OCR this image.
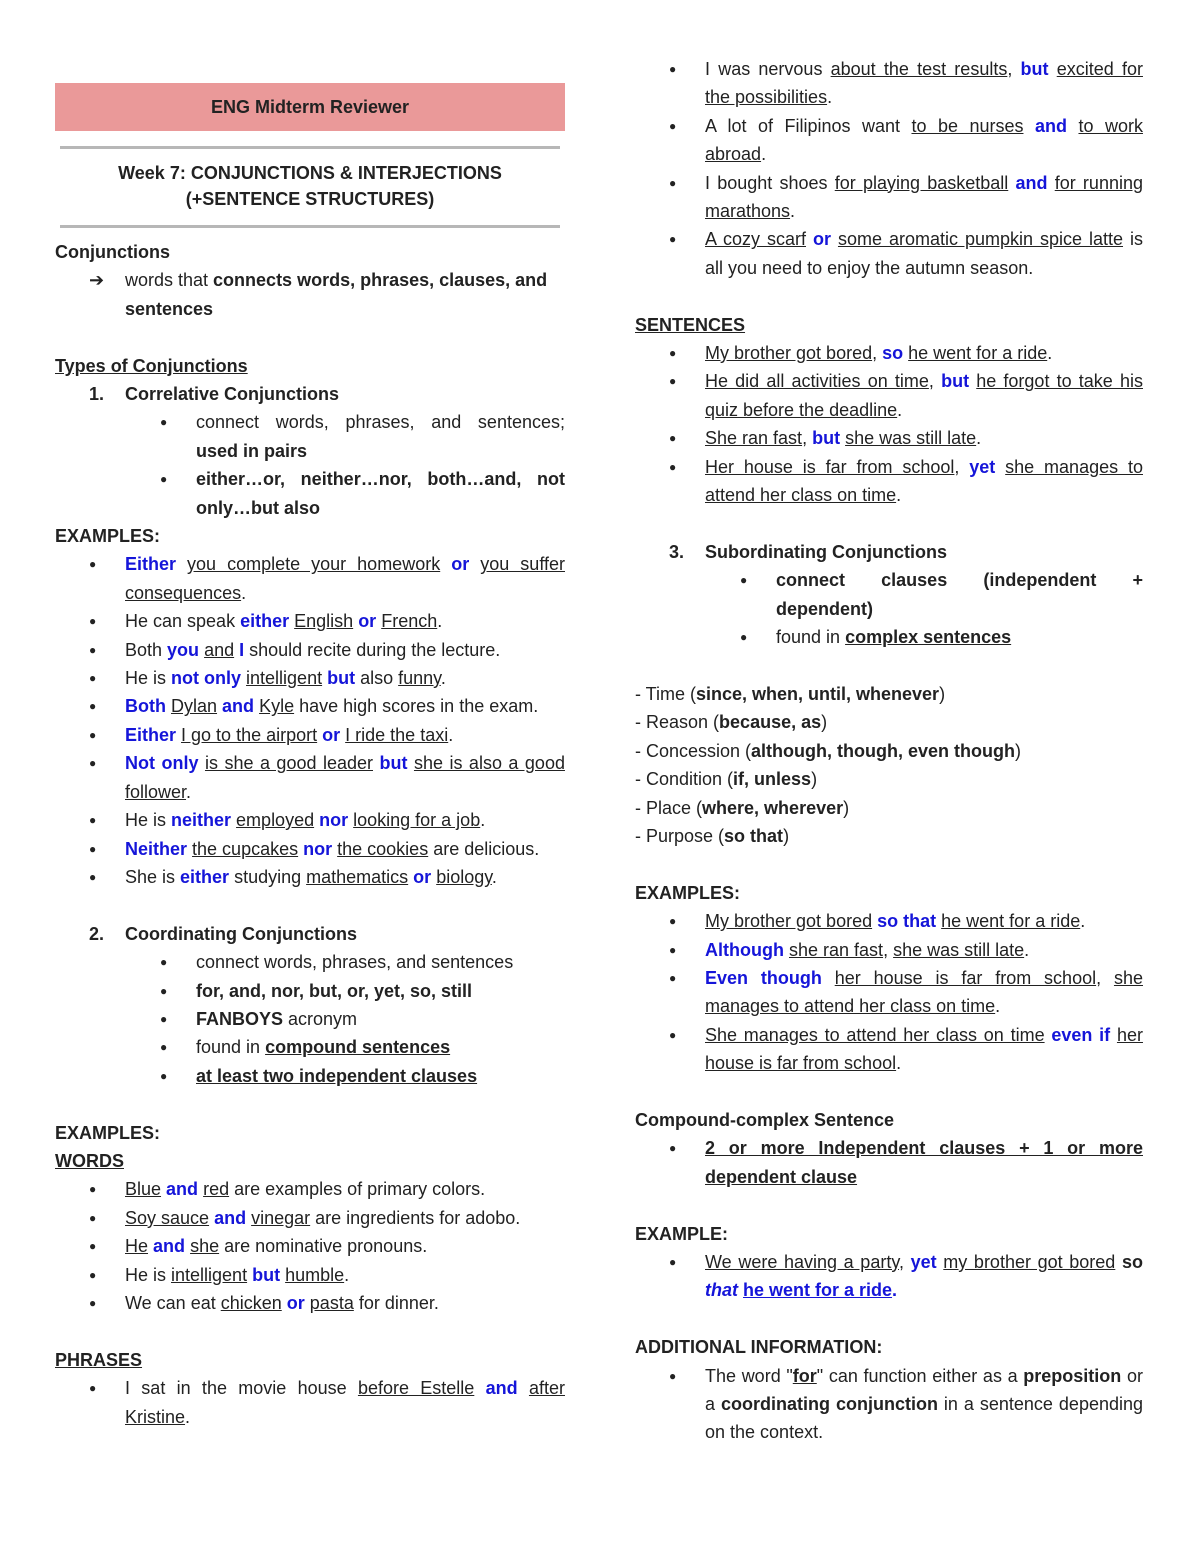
ENG Midterm Reviewer
Week 7: CONJUNCTIONS & INTERJECTIONS
(+SENTENCE STRUCTURES)
Conjunctions
➔ words that connects words, phrases, clauses, and sentences
Types of Conjunctions
1. Correlative Conjunctions
● connect words, phrases, and sentences; used in pairs
● either…or, neither…nor, both…and, not only…but also
EXAMPLES:
● Either you complete your homework or you suffer consequences.
● He can speak either English or French.
● Both you and I should recite during the lecture.
● He is not only intelligent but also funny.
● Both Dylan and Kyle have high scores in the exam.
● Either I go to the airport or I ride the taxi.
● Not only is she a good leader but she is also a good follower.
● He is neither employed nor looking for a job.
● Neither the cupcakes nor the cookies are delicious.
● She is either studying mathematics or biology.
2. Coordinating Conjunctions
● connect words, phrases, and sentences
● for, and, nor, but, or, yet, so, still
● FANBOYS acronym
● found in compound sentences
● at least two independent clauses
EXAMPLES:
WORDS
● Blue and red are examples of primary colors.
● Soy sauce and vinegar are ingredients for adobo.
● He and she are nominative pronouns.
● He is intelligent but humble.
● We can eat chicken or pasta for dinner.
PHRASES
● I sat in the movie house before Estelle and after Kristine.
● I was nervous about the test results, but excited for the possibilities.
● A lot of Filipinos want to be nurses and to work abroad.
● I bought shoes for playing basketball and for running marathons.
● A cozy scarf or some aromatic pumpkin spice latte is all you need to enjoy the autumn season.
SENTENCES
● My brother got bored, so he went for a ride.
● He did all activities on time, but he forgot to take his quiz before the deadline.
● She ran fast, but she was still late.
● Her house is far from school, yet she manages to attend her class on time.
3. Subordinating Conjunctions
● connect clauses (independent + dependent)
● found in complex sentences
- Time (since, when, until, whenever)
- Reason (because, as)
- Concession (although, though, even though)
- Condition (if, unless)
- Place (where, wherever)
- Purpose (so that)
EXAMPLES:
● My brother got bored so that he went for a ride.
● Although she ran fast, she was still late.
● Even though her house is far from school, she manages to attend her class on time.
● She manages to attend her class on time even if her house is far from school.
Compound-complex Sentence
● 2 or more Independent clauses + 1 or more dependent clause
EXAMPLE:
● We were having a party, yet my brother got bored so that he went for a ride.
ADDITIONAL INFORMATION:
● The word "for" can function either as a preposition or a coordinating conjunction in a sentence depending on the context.
